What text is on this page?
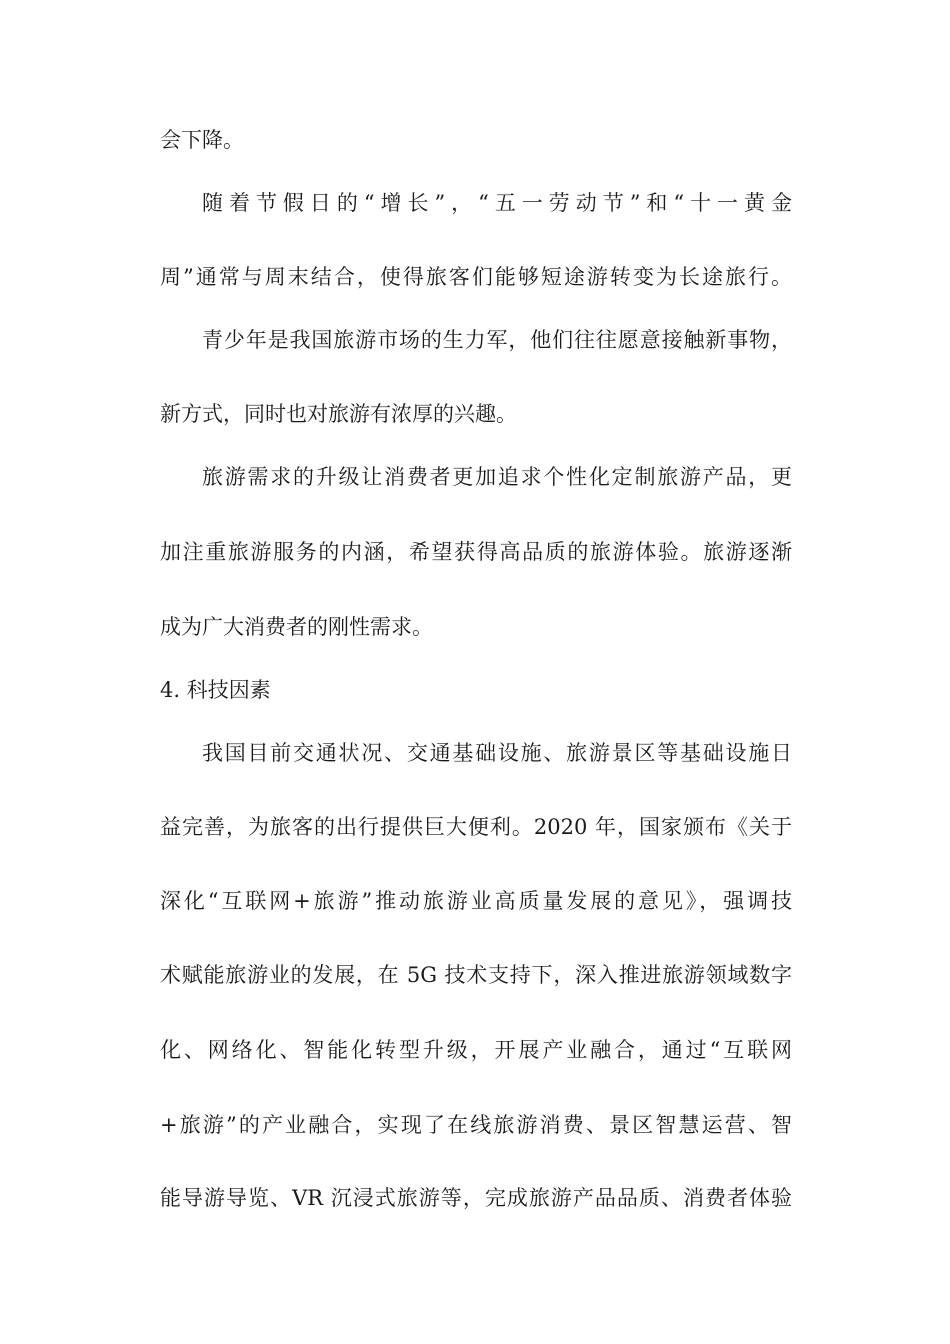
会下降。
随着节假日的“增长”，“五一劳动节”和“十一黄金
周”通常与周末结合，使得旅客们能够短途游转变为长途旅行。
青少年是我国旅游市场的生力军，他们往往愿意接触新事物，
新方式，同时也对旅游有浓厚的兴趣。
旅游需求的升级让消费者更加追求个性化定制旅游产品，更
加注重旅游服务的内涵，希望获得高品质的旅游体验。旅游逐渐
成为广大消费者的刚性需求。
4. 科技因素
我国目前交通状况、交通基础设施、旅游景区等基础设施日
益完善，为旅客的出行提供巨大便利。2020 年，国家颁布《关于
深化“互联网+旅游”推动旅游业高质量发展的意见》，强调技
术赋能旅游业的发展，在 5G 技术支持下，深入推进旅游领域数字
化、网络化、智能化转型升级，开展产业融合，通过“互联网
+旅游”的产业融合，实现了在线旅游消费、景区智慧运营、智
能导游导览、VR 沉浸式旅游等，完成旅游产品品质、消费者体验
